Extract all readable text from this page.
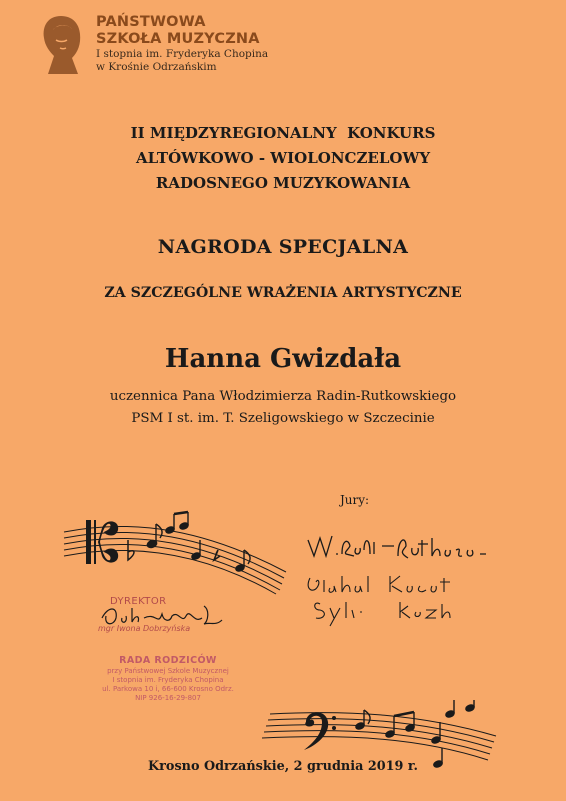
PAŃSTWOWA
SZKOŁA MUZYCZNA
I stopnia im. Fryderyka Chopina
w Krośnie Odrzańskim
II MIĘDZYREGIONALNY  KONKURS
ALTÓWKOWO - WIOLONCZELOWY
RADOSNEGO MUZYKOWANIA
NAGRODA SPECJALNA
ZA SZCZEGÓLNE WRAŻENIA ARTYSTYCZNE
Hanna Gwizdała
uczennica Pana Włodzimierza Radin-Rutkowskiego
PSM I st. im. T. Szeligowskiego w Szczecinie
Jury:
DYREKTOR
mgr Iwona Dobrzyńska
RADA RODZICÓW
przy Państwowej Szkole Muzycznej
I stopnia im. Fryderyka Chopina
ul. Parkowa 10 i, 66-600 Krosno Odrz.
NIP 926-16-29-807
Krosno Odrzańskie, 2 grudnia 2019 r.
